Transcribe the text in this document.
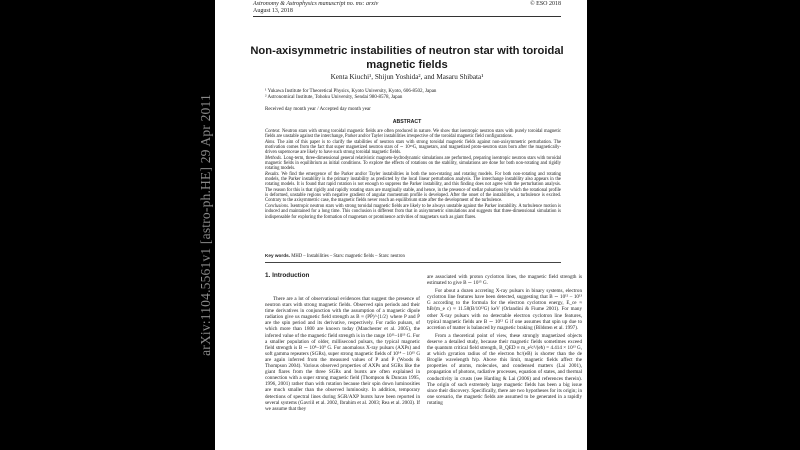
arXiv:1104.5561v1 [astro-ph.HE] 29 Apr 2011
Astronomy & Astrophysics manuscript no. ms: arxiv
August 13, 2018
© ESO 2018
Non-axisymmetric instabilities of neutron star with toroidal magnetic fields
Kenta Kiuchi¹, Shijun Yoshida², and Masaru Shibata¹
¹ Yukawa Institute for Theoretical Physics, Kyoto University, Kyoto, 606-8502, Japan
² Astronomical Institute, Tohoku University, Sendai 980-8578, Japan
Received day month year / Accepted day month year
ABSTRACT

Context. Neutron stars with strong toroidal magnetic fields are often produced in nature. We show that isentropic neutron stars with purely toroidal magnetic fields are unstable against the interchange, Parker and/or Tayler instabilities irrespective of the toroidal magnetic field configurations.

Aims. The aim of this paper is to clarify the stabilities of neutron stars with strong toroidal magnetic fields against non-axisymmetric perturbation. The motivation comes from the fact that super magnetized neutron stars of ∼ 10¹⁵G, magnetars, and magnetized proto-neutron stars born after the magnetically-driven supernovae are likely to have such strong toroidal magnetic fields.

Methods. Long-term, three-dimensional general relativistic magneto-hydrodynamic simulations are performed, preparing isentropic neutron stars with toroidal magnetic fields in equilibrium as initial conditions. To explore the effects of rotations on the stability, simulations are done for both non-rotating and rigidly rotating models.

Results. We find the emergence of the Parker and/or Tayler instabilities in both the non-rotating and rotating models. For both non-rotating and rotating models, the Parker instability is the primary instability as predicted by the local linear perturbation analysis. The interchange instability also appears in the rotating models. It is found that rapid rotation is not enough to suppress the Parker instability, and this finding does not agree with the perturbation analysis. The reason for this is that rigidly and rapidly rotating stars are marginally stable, and hence, in the presence of stellar pulsations by which the rotational profile is deformed, unstable regions with negative gradient of angular momentum profile is developed. After the onset of the instabilities, a turbulence is excited. Contrary to the axisymmetric case, the magnetic fields never reach an equilibrium state after the development of the turbulence.

Conclusions. Isentropic neutron stars with strong toroidal magnetic fields are likely to be always unstable against the Parker instability. A turbulence motion is induced and maintained for a long time. This conclusion is different from that in axisymmetric simulations and suggests that three-dimensional simulation is indispensable for exploring the formation of magnetars or prominence activities of magnetars such as giant flares.

Key words. MHD – Instabilities – Stars: magnetic fields – Stars: neutron
1. Introduction

There are a lot of observational evidences that suggest the presence of neutron stars with strong magnetic fields. Observed spin periods and their time derivatives in conjunction with the assumption of a magnetic dipole radiation give us magnetic field strength as B ≈ (PṖ)^{1/2} where P and Ṗ are the spin period and its derivative, respectively. For radio pulsars, of which more than 1800 are known today (Manchester et al. 2005), the inferred value of the magnetic field strength is in the range 10¹¹–10¹³ G. For a smaller population of older, millisecond pulsars, the typical magnetic field strength is B ∼ 10⁸–10⁹ G. For anomalous X-ray pulsars (AXPs) and soft gamma repeaters (SGRs), super strong magnetic fields of 10¹⁴ – 10¹⁵ G are again inferred from the measured values of P and Ṗ (Woods & Thompson 2004). Various observed properties of AXPs and SGRs like the giant flares from the three SGRs and bursts are often explained in connection with a super strong magnetic field (Thompson & Duncan 1995, 1996, 2001) rather than with rotation because their spin down luminosities are much smaller than the observed luminosity. In addition, temporary detections of spectral lines during SGR/AXP bursts have been reported in several systems (Gavriil et al. 2002, Ibrahim et al. 2003; Rea et al. 2003). If we assume that they

are associated with proton cyclotron lines, the magnetic field strength is estimated to give B ∼ 10¹⁵ G.

For about a dozen accreting X-ray pulsars in binary systems, electron cyclotron line features have been detected, suggesting that B ∼ 10¹² – 10¹³ G according to the formula for the electron cyclotron energy, E_ce ≈ ħB/(m_e c) ≈ 11.58(B/10¹²G) keV (Orlandini & Fiume 2001). For many other X-ray pulsars with no detectable electron cyclotron line features, typical magnetic fields are B ∼ 10¹² G if one assumes that spin up due to accretion of matter is balanced by magnetic braking (Bildsten et al. 1997).

From a theoretical point of view, these strongly magnetized objects deserve a detailed study, because their magnetic fields sometimes exceed the quantum critical field strength, B_QED ≡ m_e²c³/(eħ) = 4.414 × 10¹³ G, at which gyration radius of the electron ħc/(eB) is shorter than the de Broglie wavelength ħ/p. Above this limit, magnetic fields affect the properties of atoms, molecules, and condensed matters (Lai 2001), propagation of photons, radiative processes, equation of states, and thermal conductivity in crusts (see Harding & Lai (2006) and references therein). The origin of such extremely large magnetic fields has been a big issue since their discovery. Specifically, there are two hypotheses for its origin; in one scenario, the magnetic fields are assumed to be generated in a rapidly rotating
